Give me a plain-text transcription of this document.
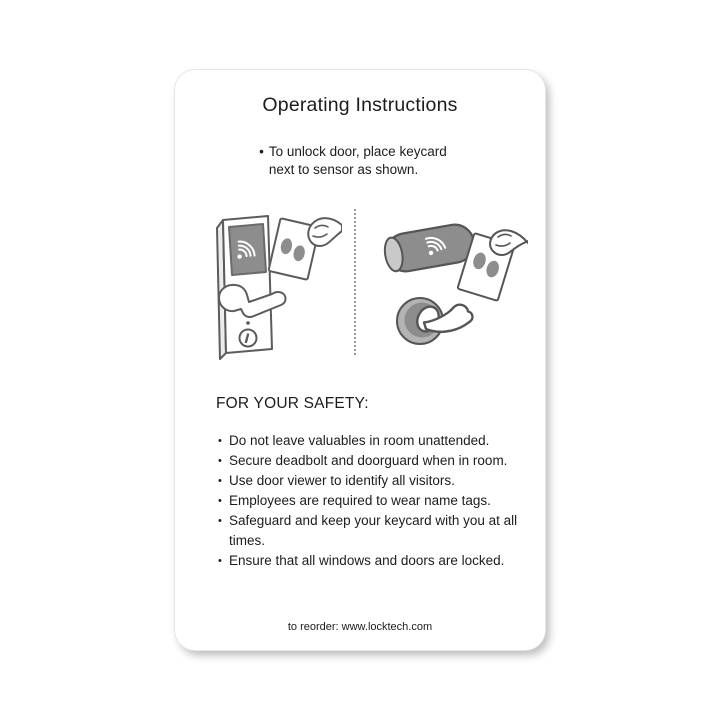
Operating Instructions
• To unlock door, place keycard next to sensor as shown.
FOR YOUR SAFETY:
• Do not leave valuables in room unattended.
• Secure deadbolt and doorguard when in room.
• Use door viewer to identify all visitors.
• Employees are required to wear name tags.
• Safeguard and keep your keycard with you at all times.
• Ensure that all windows and doors are locked.
to reorder: www.locktech.com
